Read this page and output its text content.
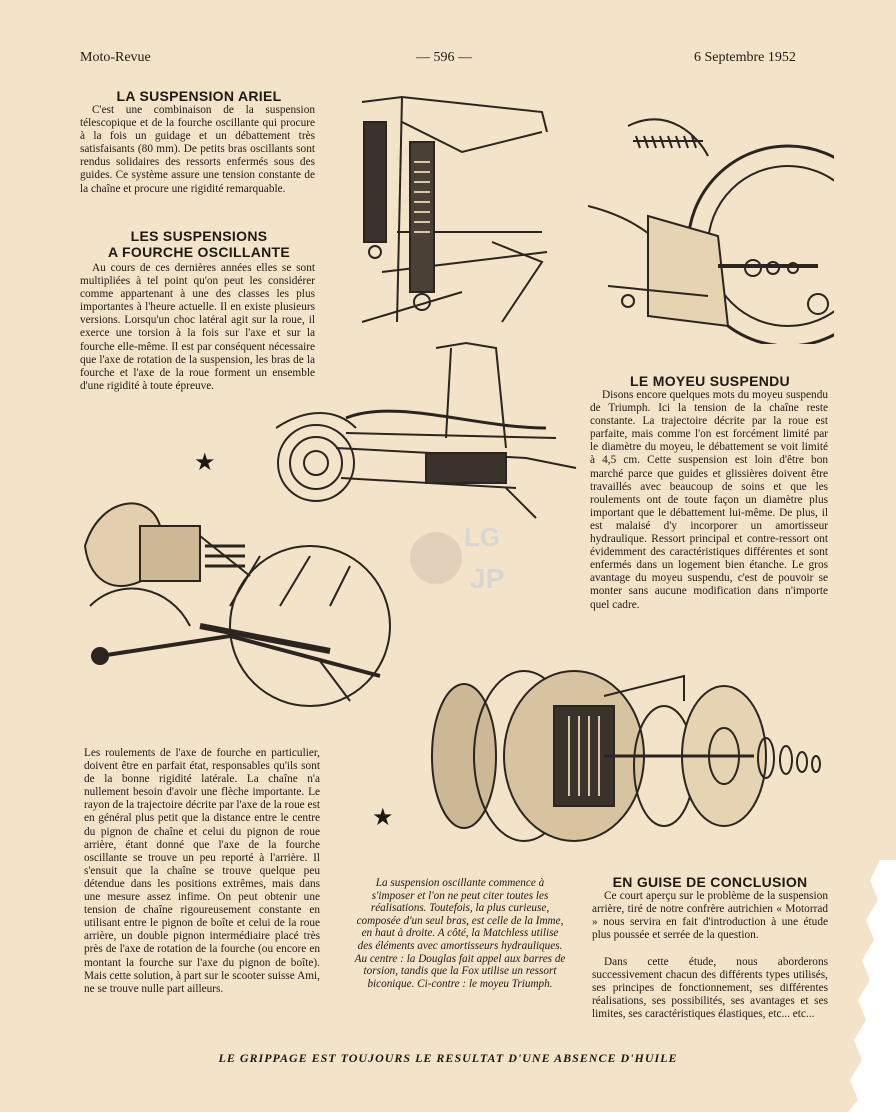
Moto-Revue	— 596 —	6 Septembre 1952
LA SUSPENSION ARIEL
C'est une combinaison de la suspension télescopique et de la fourche oscillante qui procure à la fois un guidage et un débattement très satisfaisants (80 mm). De petits bras oscillants sont rendus solidaires des ressorts enfermés sous des guides. Ce système assure une tension constante de la chaîne et procure une rigidité remarquable.
LES SUSPENSIONS
A FOURCHE OSCILLANTE
Au cours de ces dernières années elles se sont multipliées à tel point qu'on peut les considérer comme appartenant à une des classes les plus importantes à l'heure actuelle. Il en existe plusieurs versions. Lorsqu'un choc latéral agit sur la roue, il exerce une torsion à la fois sur l'axe et sur la fourche elle-même. Il est par conséquent nécessaire que l'axe de rotation de la suspension, les bras de la fourche et l'axe de la roue forment un ensemble d'une rigidité à toute épreuve.	LE MOYEU SUSPENDU
Disons encore quelques mots du moyeu suspendu de Triumph. Ici la tension de la chaîne reste constante. La trajectoire décrite par la roue est parfaite, mais comme l'on est forcément limité par le diamètre du moyeu, le débattement se voit limité à 4,5 cm. Cette suspension est loin d'être bon marché parce que guides et glissières doivent être travaillés avec beaucoup de soins et que les roulements ont de toute façon un diamètre plus important que le débattement lui-même. De plus, il est malaisé d'y incorporer un amortisseur hydraulique. Ressort principal et contre-ressort ont évidemment des caractéristiques différentes et sont enfermés dans un logement bien étanche. Le gros avantage du moyeu suspendu, c'est de pouvoir se monter sans aucune modification dans n'importe quel cadre.
Les roulements de l'axe de fourche en particulier, doivent être en parfait état, responsables qu'ils sont de la bonne rigidité latérale. La chaîne n'a nullement besoin d'avoir une flèche importante. Le rayon de la trajectoire décrite par l'axe de la roue est en général plus petit que la distance entre le centre du pignon de chaîne et celui du pignon de roue arrière, étant donné que l'axe de la fourche oscillante se trouve un peu reporté à l'arrière. Il s'ensuit que la chaîne se trouve quelque peu détendue dans les positions extrêmes, mais dans une mesure assez infime. On peut obtenir une tension de chaîne rigoureusement constante en utilisant entre le pignon de boîte et celui de la roue arrière, un double pignon intermédiaire placé très près de l'axe de rotation de la fourche (ou encore en montant la fourche sur l'axe du pignon de boîte). Mais cette solution, à part sur le scooter suisse Ami, ne se trouve nulle part ailleurs.
La suspension oscillante commence à s'imposer et l'on ne peut citer toutes les réalisations. Toutefois, la plus curieuse, composée d'un seul bras, est celle de la Imme, en haut à droite. A côté, la Matchless utilise des éléments avec amortisseurs hydrauliques. Au centre : la Douglas fait appel aux barres de torsion, tandis que la Fox utilise un ressort biconique. Ci-contre : le moyeu Triumph.
EN GUISE DE CONCLUSION
Ce court aperçu sur le problème de la suspension arrière, tiré de notre confrère autrichien « Motorrad » nous servira en fait d'introduction à une étude plus poussée et serrée de la question.
Dans cette étude, nous aborderons successivement chacun des différents types utilisés, ses principes de fonctionnement, ses différentes réalisations, ses possibilités, ses avantages et ses limites, ses caractéristiques élastiques, etc... etc...
LE GRIPPAGE EST TOUJOURS LE RESULTAT D'UNE ABSENCE D'HUILE
★
★
LG
JP
